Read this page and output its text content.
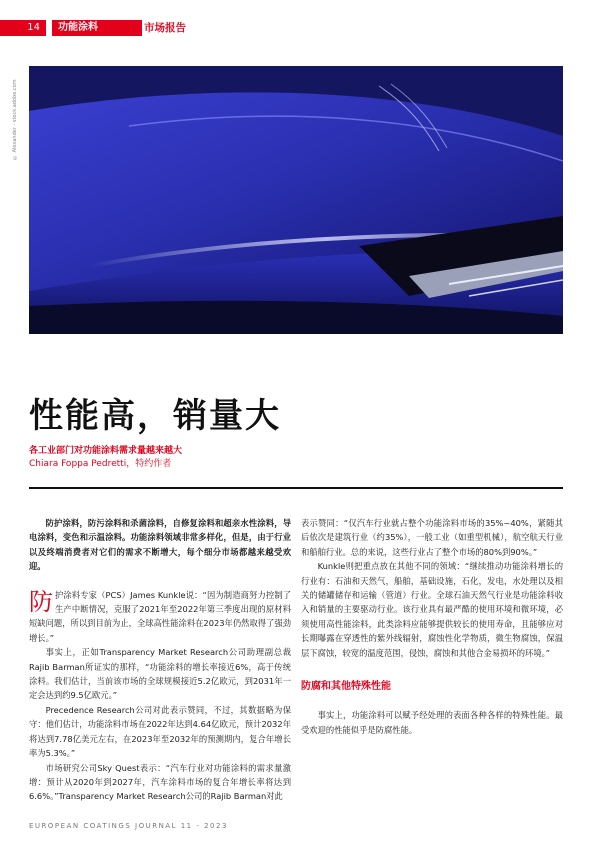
14	功能涂料	市场报告
© Alexander - stock.adobe.com
性能高，销量大
各工业部门对功能涂料需求量越来越大
Chiara Foppa Pedretti，特约作者

防护涂料，防污涂料和杀菌涂料，自修复涂料和超亲水性涂料，导电涂料，变色和示温涂料。功能涂料领域非常多样化，但是，由于行业以及终端消费者对它们的需求不断增大，每个细分市场都越来越受欢迎。

防护涂料专家（PCS）James Kunkle说：“因为制造商努力控制了生产中断情况，克服了2021年至2022年第三季度出现的原材料短缺问题，所以到目前为止，全球高性能涂料在2023年仍然取得了强劲增长。”

事实上，正如Transparency Market Research公司助理副总裁Rajib Barman所证实的那样，“功能涂料的增长率接近6%，高于传统涂料。我们估计，当前该市场的全球规模接近5.2亿欧元，到2031年一定会达到约9.5亿欧元。”

Precedence Research公司对此表示赞同，不过，其数据略为保守：他们估计，功能涂料市场在2022年达到4.64亿欧元，预计2032年将达到7.78亿美元左右，在2023年至2032年的预测期内，复合年增长率为5.3%。”

市场研究公司Sky Quest表示：“汽车行业对功能涂料的需求量激增：预计从2020年到2027年，汽车涂料市场的复合年增长率将达到6.6%。”Transparency Market Research公司的Rajib Barman对此

表示赞同：“仅汽车行业就占整个功能涂料市场的35%~40%，紧随其后依次是建筑行业（约35%），一般工业（如重型机械），航空航天行业和船舶行业。总的来说，这些行业占了整个市场的80%到90%。”

Kunkle则把重点放在其他不同的领域：“继续推动功能涂料增长的行业有：石油和天然气，船舶，基础设施，石化，发电，水处理以及相关的储罐储存和运输（管道）行业。全球石油天然气行业是功能涂料收入和销量的主要驱动行业。该行业具有最严酷的使用环境和微环境，必须使用高性能涂料，此类涂料应能够提供较长的使用寿命，且能够应对长期曝露在穿透性的紫外线辐射，腐蚀性化学物质，微生物腐蚀，保温层下腐蚀，较宽的温度范围，侵蚀，腐蚀和其他合金易损坏的环境。”

防腐和其他特殊性能

事实上，功能涂料可以赋予经处理的表面各种各样的特殊性能。最受欢迎的性能似乎是防腐性能。

EUROPEAN COATINGS JOURNAL 11 - 2023
